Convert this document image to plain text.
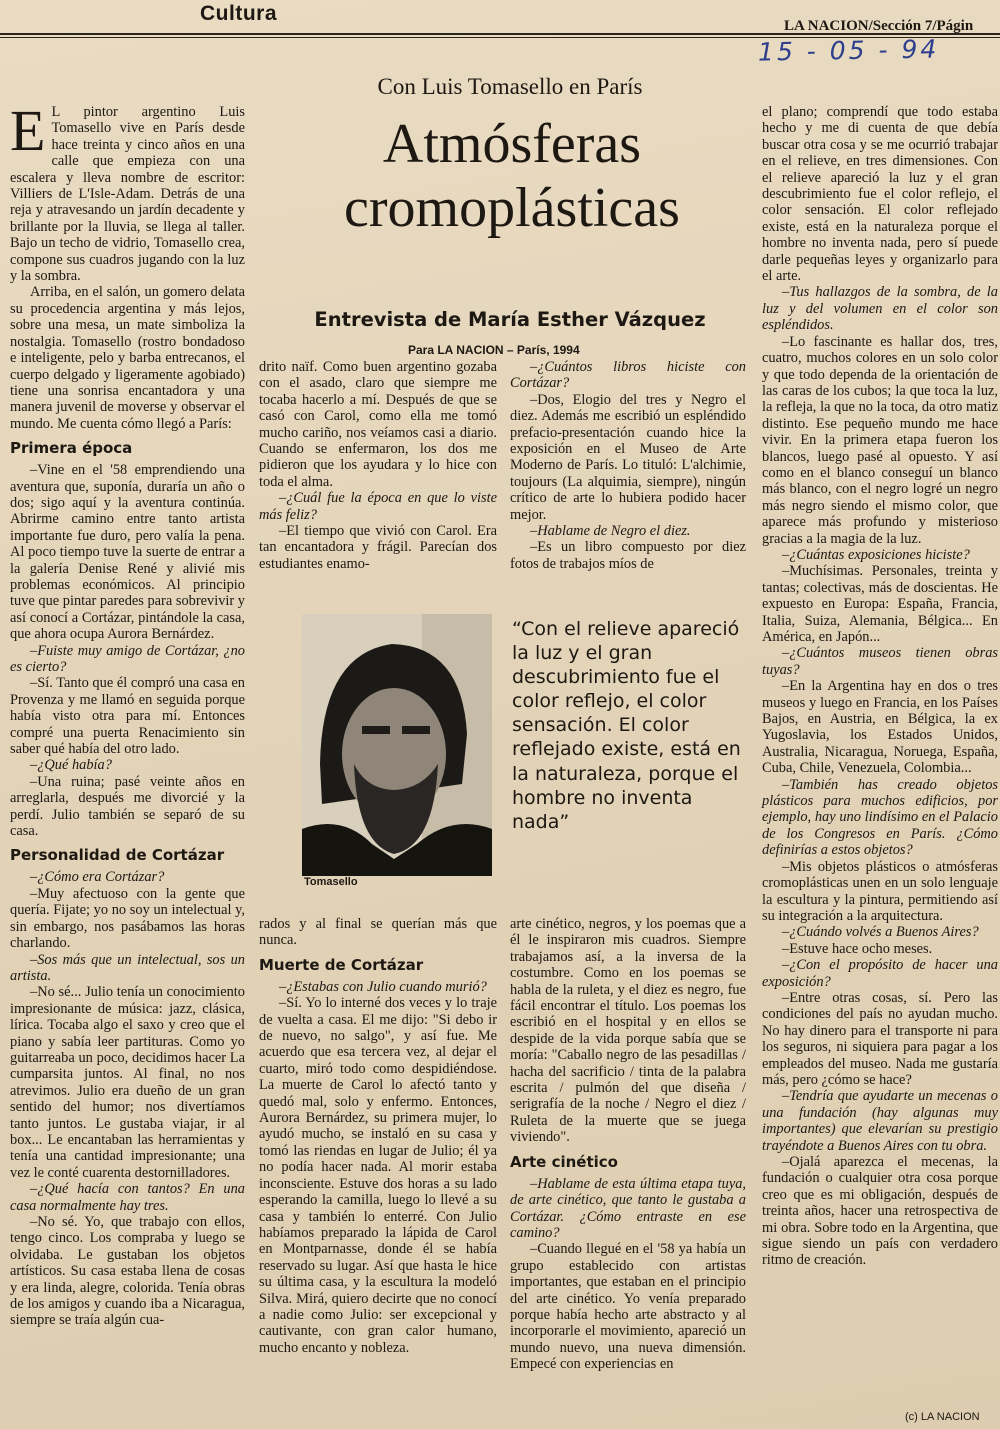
Cultura
LA NACION/Sección 7/Págin
15 - 05 - 94
Con Luis Tomasello en París
Atmósferas cromoplásticas
Entrevista de María Esther Vázquez
Para LA NACION – París, 1994

E L pintor argentino Luis Tomasello vive en París desde hace treinta y cinco años en una calle que empieza con una escalera y lleva nombre de escritor: Villiers de L'Isle-Adam. Detrás de una reja y atravesando un jardín decadente y brillante por la lluvia, se llega al taller. Bajo un techo de vidrio, Tomasello crea, compone sus cuadros jugando con la luz y la sombra.

Arriba, en el salón, un gomero delata su procedencia argentina y más lejos, sobre una mesa, un mate simboliza la nostalgia. Tomasello (rostro bondadoso e inteligente, pelo y barba entrecanos, el cuerpo delgado y ligeramente agobiado) tiene una sonrisa encantadora y una manera juvenil de moverse y observar el mundo. Me cuenta cómo llegó a París:

Primera época

–Vine en el '58 emprendiendo una aventura que, suponía, duraría un año o dos; sigo aquí y la aventura continúa. Abrirme camino entre tanto artista importante fue duro, pero valía la pena. Al poco tiempo tuve la suerte de entrar a la galería Denise René y alivié mis problemas económicos. Al principio tuve que pintar paredes para sobrevivir y así conocí a Cortázar, pintándole la casa, que ahora ocupa Aurora Bernárdez.

–Fuiste muy amigo de Cortázar, ¿no es cierto?

–Sí. Tanto que él compró una casa en Provenza y me llamó en seguida porque había visto otra para mí. Entonces compré una puerta Renacimiento sin saber qué había del otro lado.

–¿Qué había?

–Una ruina; pasé veinte años en arreglarla, después me divorcié y la perdí. Julio también se separó de su casa.

Personalidad de Cortázar

–¿Cómo era Cortázar?

–Muy afectuoso con la gente que quería. Fijate; yo no soy un intelectual y, sin embargo, nos pasábamos las horas charlando.

–Sos más que un intelectual, sos un artista.

–No sé... Julio tenía un conocimiento impresionante de música: jazz, clásica, lírica. Tocaba algo el saxo y creo que el piano y sabía leer partituras. Como yo guitarreaba un poco, decidimos hacer La cumparsita juntos. Al final, no nos atrevimos. Julio era dueño de un gran sentido del humor; nos divertíamos tanto juntos. Le gustaba viajar, ir al box... Le encantaban las herramientas y tenía una cantidad impresionante; una vez le conté cuarenta destornilladores.

–¿Qué hacía con tantos? En una casa normalmente hay tres.

–No sé. Yo, que trabajo con ellos, tengo cinco. Los compraba y luego se olvidaba. Le gustaban los objetos artísticos. Su casa estaba llena de cosas y era linda, alegre, colorida. Tenía obras de los amigos y cuando iba a Nicaragua, siempre se traía algún cua-

drito naïf. Como buen argentino gozaba con el asado, claro que siempre me tocaba hacerlo a mí. Después de que se casó con Carol, como ella me tomó mucho cariño, nos veíamos casi a diario. Cuando se enfermaron, los dos me pidieron que los ayudara y lo hice con toda el alma.

–¿Cuál fue la época en que lo viste más feliz?

–El tiempo que vivió con Carol. Era tan encantadora y frágil. Parecían dos estudiantes enamo-

Tomasello

rados y al final se querían más que nunca.

Muerte de Cortázar

–¿Estabas con Julio cuando murió?

–Sí. Yo lo interné dos veces y lo traje de vuelta a casa. El me dijo: "Si debo ir de nuevo, no salgo", y así fue. Me acuerdo que esa tercera vez, al dejar el cuarto, miró todo como despidiéndose. La muerte de Carol lo afectó tanto y quedó mal, solo y enfermo. Entonces, Aurora Bernárdez, su primera mujer, lo ayudó mucho, se instaló en su casa y tomó las riendas en lugar de Julio; él ya no podía hacer nada. Al morir estaba inconsciente. Estuve dos horas a su lado esperando la camilla, luego lo llevé a su casa y también lo enterré. Con Julio habíamos preparado la lápida de Carol en Montparnasse, donde él se había reservado su lugar. Así que hasta le hice su última casa, y la escultura la modeló Silva. Mirá, quiero decirte que no conocí a nadie como Julio: ser excepcional y cautivante, con gran calor humano, mucho encanto y nobleza.

–¿Cuántos libros hiciste con Cortázar?

–Dos, Elogio del tres y Negro el diez. Además me escribió un espléndido prefacio-presentación cuando hice la exposición en el Museo de Arte Moderno de París. Lo tituló: L'alchimie, toujours (La alquimia, siempre), ningún crítico de arte lo hubiera podido hacer mejor.

–Hablame de Negro el diez.

–Es un libro compuesto por diez fotos de trabajos míos de

“Con el relieve apareció la luz y el gran descubrimiento fue el color reflejo, el color sensación. El color reflejado existe, está en la naturaleza, porque el hombre no inventa nada”

arte cinético, negros, y los poemas que a él le inspiraron mis cuadros. Siempre trabajamos así, a la inversa de la costumbre. Como en los poemas se habla de la ruleta, y el diez es negro, fue fácil encontrar el título. Los poemas los escribió en el hospital y en ellos se despide de la vida porque sabía que se moría: "Caballo negro de las pesadillas / hacha del sacrificio / tinta de la palabra escrita / pulmón del que diseña / serigrafía de la noche / Negro el diez / Ruleta de la muerte que se juega viviendo".

Arte cinético

–Hablame de esta última etapa tuya, de arte cinético, que tanto le gustaba a Cortázar. ¿Cómo entraste en ese camino?

–Cuando llegué en el '58 ya había un grupo establecido con artistas importantes, que estaban en el principio del arte cinético. Yo venía preparado porque había hecho arte abstracto y al incorporarle el movimiento, apareció un mundo nuevo, una nueva dimensión. Empecé con experiencias en

el plano; comprendí que todo estaba hecho y me di cuenta de que debía buscar otra cosa y se me ocurrió trabajar en el relieve, en tres dimensiones. Con el relieve apareció la luz y el gran descubrimiento fue el color reflejo, el color sensación. El color reflejado existe, está en la naturaleza porque el hombre no inventa nada, pero sí puede darle pequeñas leyes y organizarlo para el arte.

–Tus hallazgos de la sombra, de la luz y del volumen en el color son espléndidos.

–Lo fascinante es hallar dos, tres, cuatro, muchos colores en un solo color y que todo dependa de la orientación de las caras de los cubos; la que toca la luz, la refleja, la que no la toca, da otro matiz distinto. Ese pequeño mundo me hace vivir. En la primera etapa fueron los blancos, luego pasé al opuesto. Y así como en el blanco conseguí un blanco más blanco, con el negro logré un negro más negro siendo el mismo color, que aparece más profundo y misterioso gracias a la magia de la luz.

–¿Cuántas exposiciones hiciste?

–Muchísimas. Personales, treinta y tantas; colectivas, más de doscientas. He expuesto en Europa: España, Francia, Italia, Suiza, Alemania, Bélgica... En América, en Japón...

–¿Cuántos museos tienen obras tuyas?

–En la Argentina hay en dos o tres museos y luego en Francia, en los Países Bajos, en Austria, en Bélgica, la ex Yugoslavia, los Estados Unidos, Australia, Nicaragua, Noruega, España, Cuba, Chile, Venezuela, Colombia...

–También has creado objetos plásticos para muchos edificios, por ejemplo, hay uno lindísimo en el Palacio de los Congresos en París. ¿Cómo definirías a estos objetos?

–Mis objetos plásticos o atmósferas cromoplásticas unen en un solo lenguaje la escultura y la pintura, permitiendo así su integración a la arquitectura.

–¿Cuándo volvés a Buenos Aires?

–Estuve hace ocho meses.

–¿Con el propósito de hacer una exposición?

–Entre otras cosas, sí. Pero las condiciones del país no ayudan mucho. No hay dinero para el transporte ni para los seguros, ni siquiera para pagar a los empleados del museo. Nada me gustaría más, pero ¿cómo se hace?

–Tendría que ayudarte un mecenas o una fundación (hay algunas muy importantes) que elevarían su prestigio trayéndote a Buenos Aires con tu obra.

–Ojalá aparezca el mecenas, la fundación o cualquier otra cosa porque creo que es mi obligación, después de treinta años, hacer una retrospectiva de mi obra. Sobre todo en la Argentina, que sigue siendo un país con verdadero ritmo de creación.

(c) LA NACION
